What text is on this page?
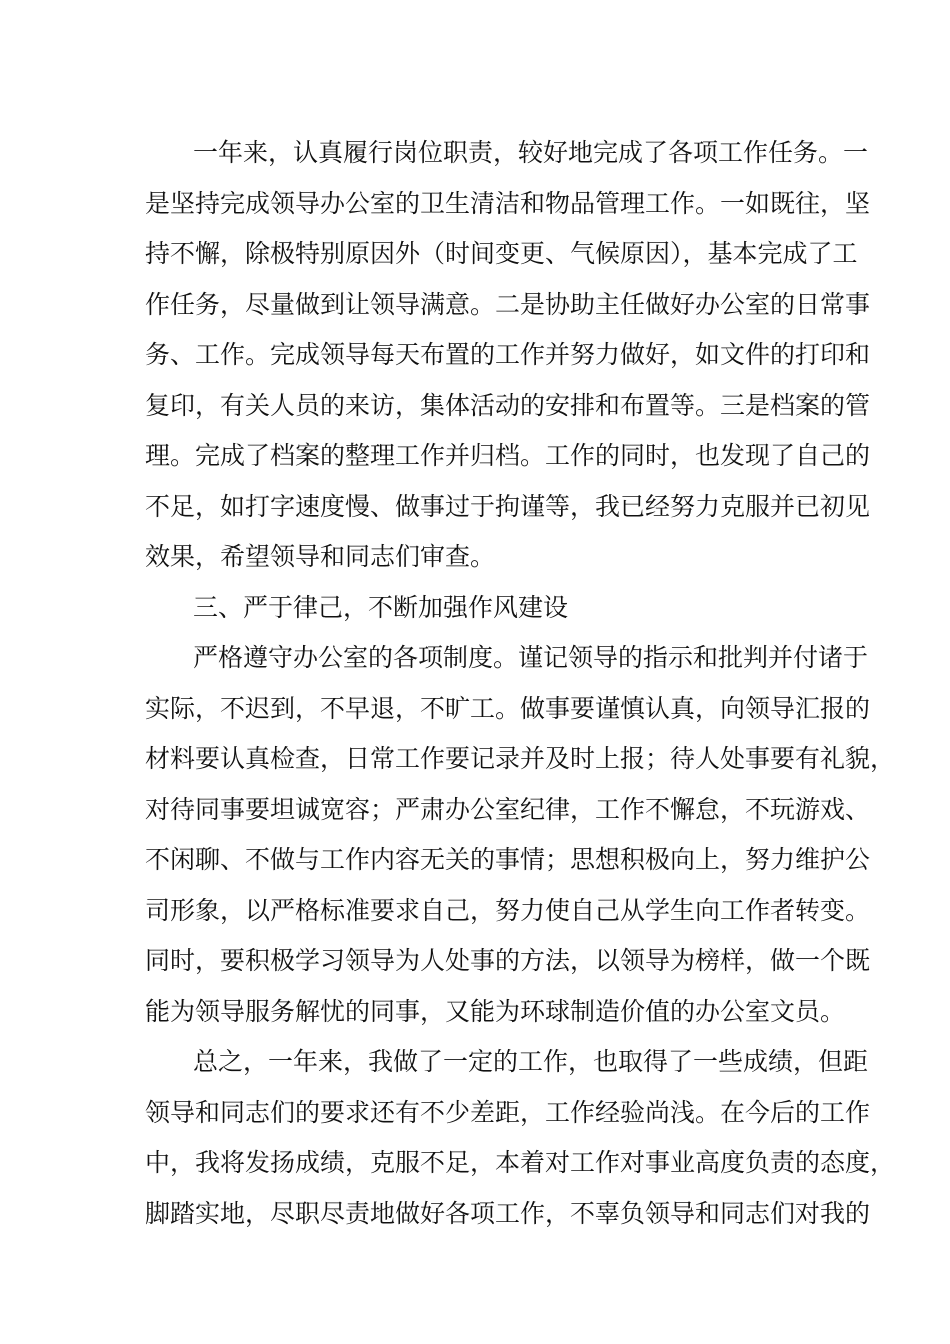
一年来，认真履行岗位职责，较好地完成了各项工作任务。一
是坚持完成领导办公室的卫生清洁和物品管理工作。一如既往，坚
持不懈，除极特别原因外（时间变更、气候原因），基本完成了工
作任务，尽量做到让领导满意。二是协助主任做好办公室的日常事
务、工作。完成领导每天布置的工作并努力做好，如文件的打印和
复印，有关人员的来访，集体活动的安排和布置等。三是档案的管
理。完成了档案的整理工作并归档。工作的同时，也发现了自己的
不足，如打字速度慢、做事过于拘谨等，我已经努力克服并已初见
效果，希望领导和同志们审查。
三、严于律己，不断加强作风建设
严格遵守办公室的各项制度。谨记领导的指示和批判并付诸于
实际，不迟到，不早退，不旷工。做事要谨慎认真，向领导汇报的
材料要认真检查，日常工作要记录并及时上报；待人处事要有礼貌，
对待同事要坦诚宽容；严肃办公室纪律，工作不懈怠，不玩游戏、
不闲聊、不做与工作内容无关的事情；思想积极向上，努力维护公
司形象，以严格标准要求自己，努力使自己从学生向工作者转变。
同时，要积极学习领导为人处事的方法，以领导为榜样，做一个既
能为领导服务解忧的同事，又能为环球制造价值的办公室文员。
总之，一年来，我做了一定的工作，也取得了一些成绩，但距
领导和同志们的要求还有不少差距，工作经验尚浅。在今后的工作
中，我将发扬成绩，克服不足，本着对工作对事业高度负责的态度，
脚踏实地，尽职尽责地做好各项工作，不辜负领导和同志们对我的
